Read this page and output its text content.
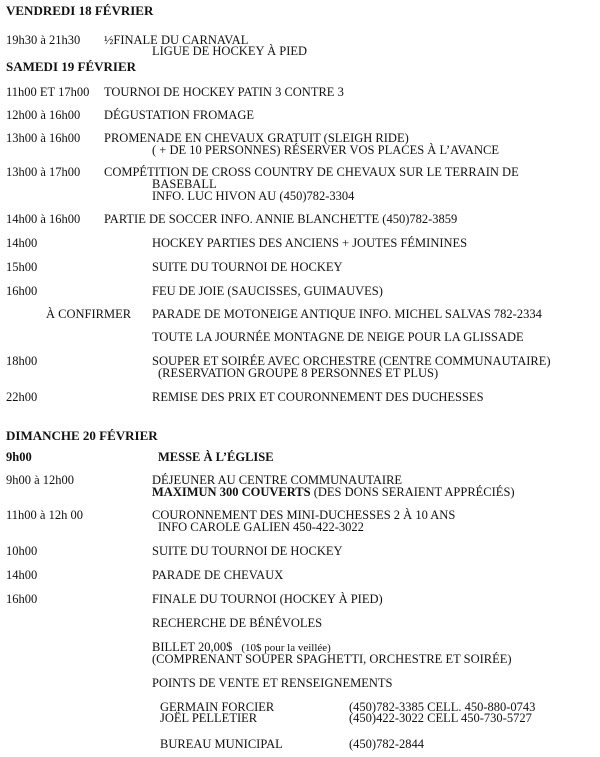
VENDREDI 18 FÉVRIER
19h30 à 21h30 ½FINALE DU CARNAVAL
LIGUE DE HOCKEY À PIED
SAMEDI 19 FÉVRIER
11h00 ET 17h00 TOURNOI DE HOCKEY PATIN 3 CONTRE 3
12h00 à 16h00 DÉGUSTATION FROMAGE
13h00 à 16h00 PROMENADE EN CHEVAUX GRATUIT (SLEIGH RIDE)
( + DE 10 PERSONNES) RÉSERVER VOS PLACES À L’AVANCE
13h00 à 17h00 COMPÉTITION DE CROSS COUNTRY DE CHEVAUX SUR LE TERRAIN DE
BASEBALL
INFO. LUC HIVON AU (450)782-3304
14h00 à 16h00 PARTIE DE SOCCER INFO. ANNIE BLANCHETTE (450)782-3859
14h00	HOCKEY PARTIES DES ANCIENS + JOUTES FÉMININES
15h00	SUITE DU TOURNOI DE HOCKEY
16h00	FEU DE JOIE (SAUCISSES, GUIMAUVES)
À CONFIRMER PARADE DE MOTONEIGE ANTIQUE INFO. MICHEL SALVAS 782-2334
TOUTE LA JOURNÉE MONTAGNE DE NEIGE POUR LA GLISSADE
18h00	SOUPER ET SOIRÉE AVEC ORCHESTRE (CENTRE COMMUNAUTAIRE)
(RESERVATION GROUPE 8 PERSONNES ET PLUS)
22h00	REMISE DES PRIX ET COURONNEMENT DES DUCHESSES
DIMANCHE 20 FÉVRIER
9h00	MESSE À L’ÉGLISE
9h00 à 12h00	DÉJEUNER AU CENTRE COMMUNAUTAIRE
MAXIMUN 300 COUVERTS (DES DONS SERAIENT APPRÉCIÉS)
11h00 à 12h 00	COURONNEMENT DES MINI-DUCHESSES 2 À 10 ANS
INFO CAROLE GALIEN 450-422-3022
10h00	SUITE DU TOURNOI DE HOCKEY
14h00	PARADE DE CHEVAUX
16h00	FINALE DU TOURNOI (HOCKEY À PIED)
RECHERCHE DE BÉNÉVOLES
BILLET 20,00$ (10$ pour la veillée)
(COMPRENANT SOUPER SPAGHETTI, ORCHESTRE ET SOIRÉE)
POINTS DE VENTE ET RENSEIGNEMENTS
GERMAIN FORCIER	(450)782-3385 CELL. 450-880-0743
JOËL PELLETIER	(450)422-3022 CELL 450-730-5727
BUREAU MUNICIPAL	(450)782-2844
